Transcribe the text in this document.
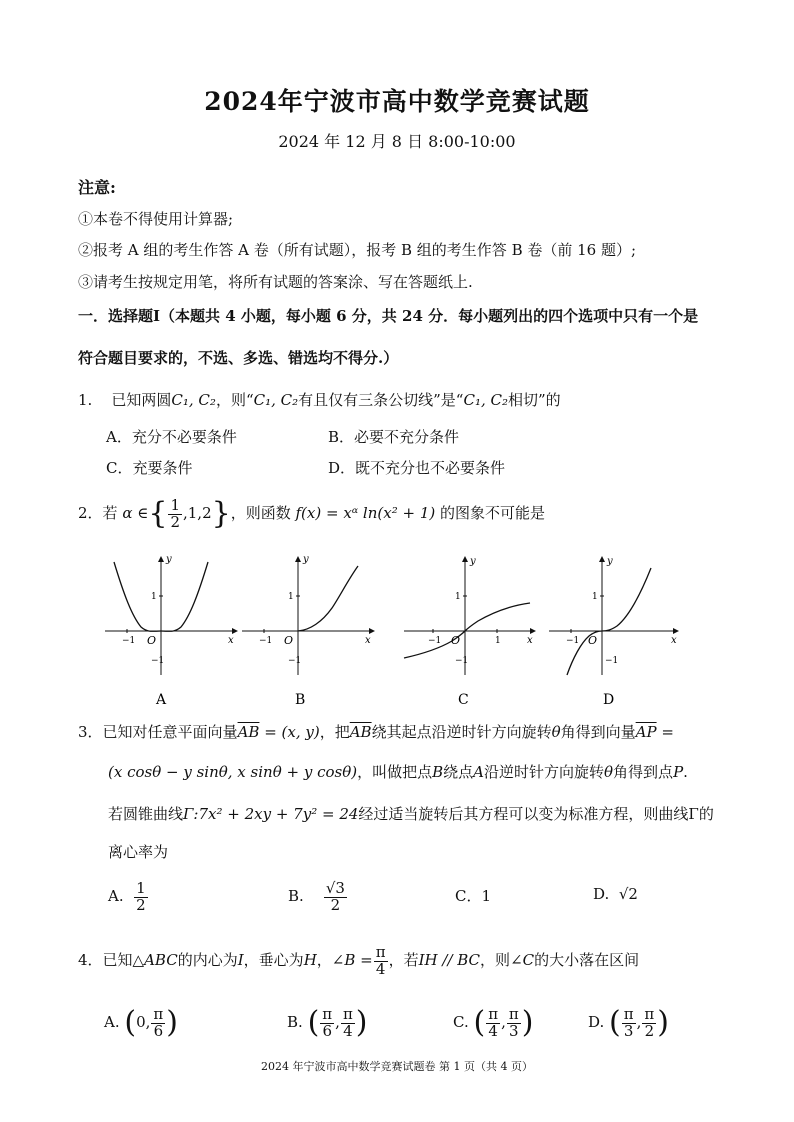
2024年宁波市高中数学竞赛试题
2024 年 12 月 8 日 8:00-10:00
注意:
①本卷不得使用计算器;
②报考 A 组的考生作答 A 卷（所有试题），报考 B 组的考生作答 B 卷（前 16 题）;
③请考生按规定用笔，将所有试题的答案涂、写在答题纸上.
一．选择题I（本题共 4 小题，每小题 6 分，共 24 分．每小题列出的四个选项中只有一个是
符合题目要求的，不选、多选、错选均不得分.）
1. 已知两圆C₁, C₂，则“C₁, C₂有且仅有三条公切线”是“C₁, C₂相切”的
A．充分不必要条件	B．必要不充分条件
C．充要条件	D．既不充分也不必要条件
2．若 α ∈{ $\frac{1}{2} ,1,2$}，则函数 f(x) = xᵅ ln(x² + 1) 的图象不可能是
y
x
O
−1
1
−1
A
y
x
O
−1
1
−1
B
y
x
O
−1	1
1
−1
C
y
x
O
−1
1
−1
D
3．已知对任意平面向量$\overline{AB} = (x$, y)，把$\overline{AB}$绕其起点沿逆时针方向旋转θ角得到向量$\overline{AP}$ =
(x cosθ − y sinθ, x sinθ + y cosθ)，叫做把点B绕点A沿逆时针方向旋转θ角得到点P.
若圆锥曲线Γ:7x² + 2xy + 7y² = 24经过适当旋转后其方程可以变为标准方程，则曲线Γ的
离心率为
A. $\frac{1}{2}$	B. $\frac{√3}{2}$	C．1	D. √2
4．已知△ABC的内心为I，垂心为H，∠B = $\frac{\pi}{4}$ ，若IH // BC，则∠C的大小落在区间
A. (0, $\frac{\pi}{6}$ )	B. ( $\frac{\pi}{6}$ , $\frac{\pi}{4}$ )	C. ( $\frac{\pi}{4}$ , $\frac{\pi}{3}$ )	D. ( $\frac{\pi}{3}$ , $\frac{\pi}{2}$ )
2024 年宁波市高中数学竞赛试题卷 第 1 页（共 4 页）
